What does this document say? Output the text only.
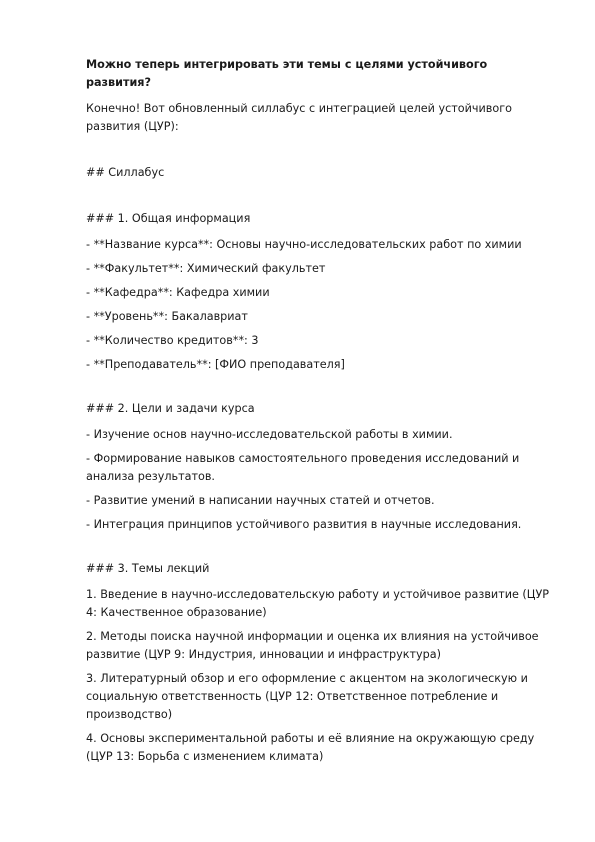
Можно теперь интегрировать эти темы с целями устойчивого развития?
Конечно! Вот обновленный силлабус с интеграцией целей устойчивого развития (ЦУР):
## Силлабус
### 1. Общая информация
- **Название курса**: Основы научно-исследовательских работ по химии
- **Факультет**: Химический факультет
- **Кафедра**: Кафедра химии
- **Уровень**: Бакалавриат
- **Количество кредитов**: 3
- **Преподаватель**: [ФИО преподавателя]
### 2. Цели и задачи курса
- Изучение основ научно-исследовательской работы в химии.
- Формирование навыков самостоятельного проведения исследований и анализа результатов.
- Развитие умений в написании научных статей и отчетов.
- Интеграция принципов устойчивого развития в научные исследования.
### 3. Темы лекций
1. Введение в научно-исследовательскую работу и устойчивое развитие (ЦУР 4: Качественное образование)
2. Методы поиска научной информации и оценка их влияния на устойчивое развитие (ЦУР 9: Индустрия, инновации и инфраструктура)
3. Литературный обзор и его оформление с акцентом на экологическую и социальную ответственность (ЦУР 12: Ответственное потребление и производство)
4. Основы экспериментальной работы и её влияние на окружающую среду (ЦУР 13: Борьба с изменением климата)
